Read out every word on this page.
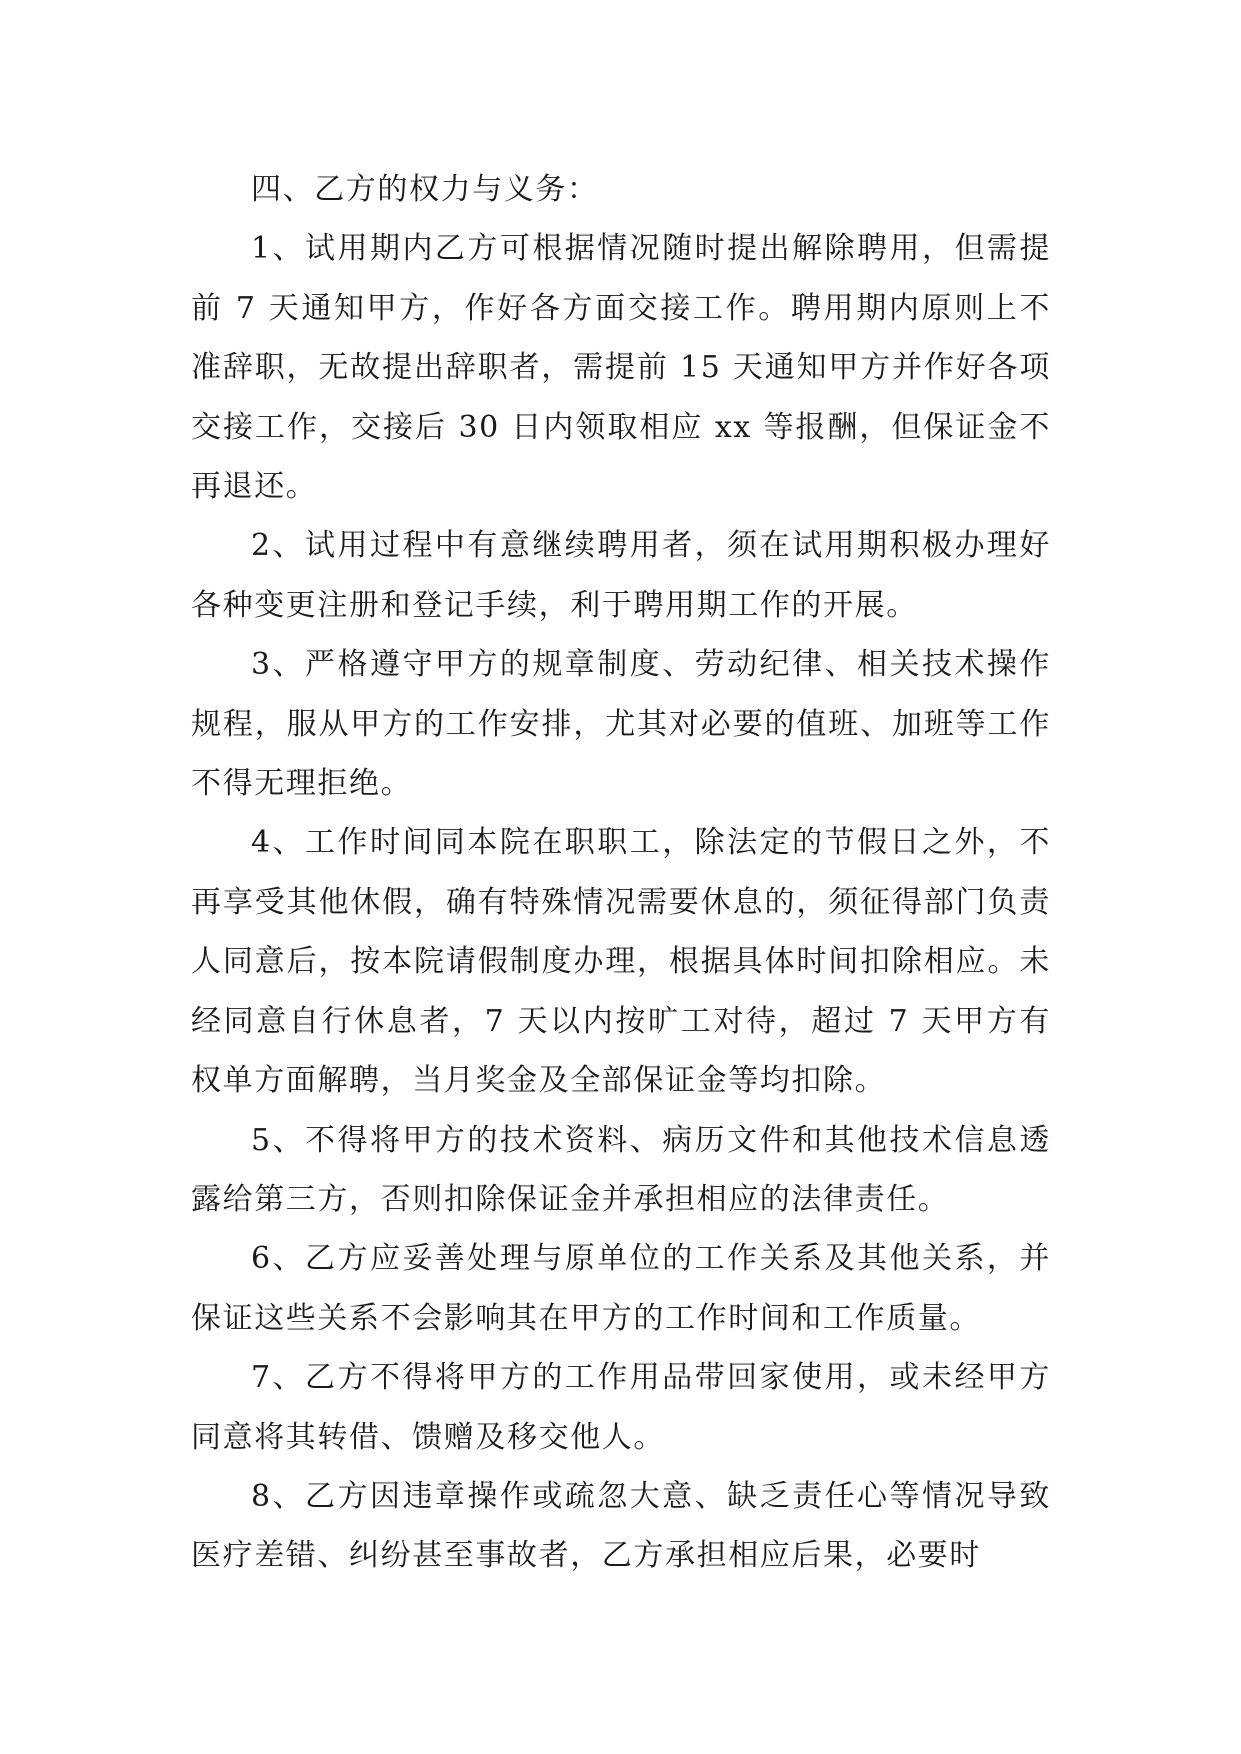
四、乙方的权力与义务：

1、试用期内乙方可根据情况随时提出解除聘用，但需提前 7 天通知甲方，作好各方面交接工作。聘用期内原则上不准辞职，无故提出辞职者，需提前 15 天通知甲方并作好各项交接工作，交接后 30 日内领取相应 xx 等报酬，但保证金不再退还。

2、试用过程中有意继续聘用者，须在试用期积极办理好各种变更注册和登记手续，利于聘用期工作的开展。

3、严格遵守甲方的规章制度、劳动纪律、相关技术操作规程，服从甲方的工作安排，尤其对必要的值班、加班等工作不得无理拒绝。

4、工作时间同本院在职职工，除法定的节假日之外，不再享受其他休假，确有特殊情况需要休息的，须征得部门负责人同意后，按本院请假制度办理，根据具体时间扣除相应。未经同意自行休息者，7 天以内按旷工对待，超过 7 天甲方有权单方面解聘，当月奖金及全部保证金等均扣除。

5、不得将甲方的技术资料、病历文件和其他技术信息透露给第三方，否则扣除保证金并承担相应的法律责任。

6、乙方应妥善处理与原单位的工作关系及其他关系，并保证这些关系不会影响其在甲方的工作时间和工作质量。

7、乙方不得将甲方的工作用品带回家使用，或未经甲方同意将其转借、馈赠及移交他人。

8、乙方因违章操作或疏忽大意、缺乏责任心等情况导致医疗差错、纠纷甚至事故者，乙方承担相应后果，必要时
